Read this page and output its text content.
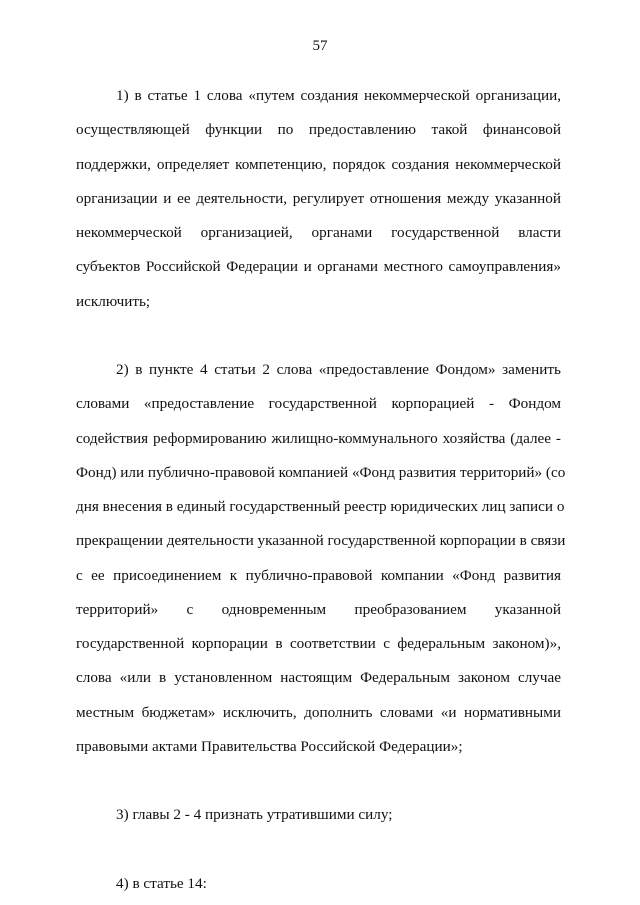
57
1) в статье 1 слова «путем создания некоммерческой организации,
осуществляющей функции по предоставлению такой финансовой
поддержки, определяет компетенцию, порядок создания некоммерческой
организации и ее деятельности, регулирует отношения между указанной
некоммерческой организацией, органами государственной власти
субъектов Российской Федерации и органами местного самоуправления»
исключить;
2) в пункте 4 статьи 2 слова «предоставление Фондом» заменить
словами «предоставление государственной корпорацией - Фондом
содействия реформированию жилищно-коммунального хозяйства (далее -
Фонд) или публично-правовой компанией «Фонд развития территорий» (со
дня внесения в единый государственный реестр юридических лиц записи о
прекращении деятельности указанной государственной корпорации в связи
с ее присоединением к публично-правовой компании «Фонд развития
территорий» с одновременным преобразованием указанной
государственной корпорации в соответствии с федеральным законом)»,
слова «или в установленном настоящим Федеральным законом случае
местным бюджетам» исключить, дополнить словами «и нормативными
правовыми актами Правительства Российской Федерации»;
3) главы 2 - 4 признать утратившими силу;
4) в статье 14:
